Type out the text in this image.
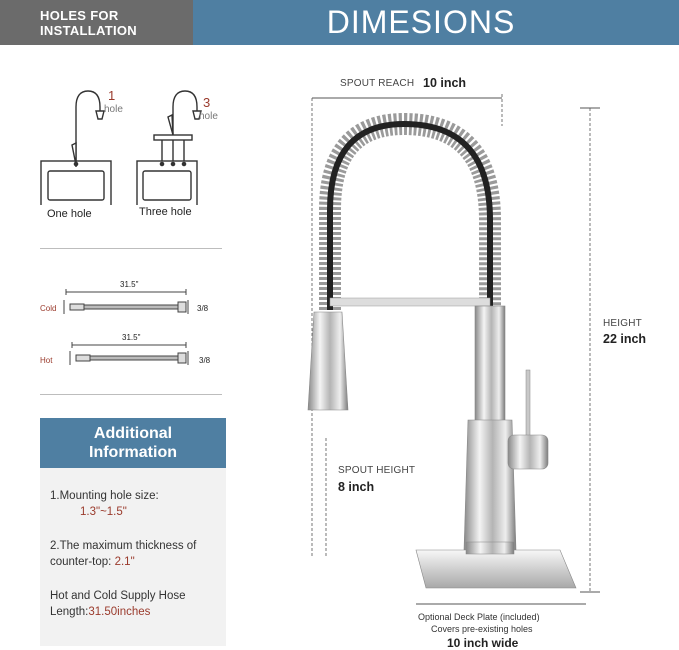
HOLES FOR
INSTALLATION	DIMESIONS
1
hole	3
hole
One hole	Three hole
31.5"
Cold	3/8
31.5"
Hot	3/8
Additional
Information
1.Mounting hole size:
1.3"~1.5"
2.The maximum thickness of
counter-top: 2.1"
Hot and Cold Supply Hose
Length:31.50inches
SPOUT REACH 10 inch
HEIGHT
22 inch
SPOUT HEIGHT
8 inch
Optional Deck Plate (included)
Covers pre-existing holes
10 inch wide
